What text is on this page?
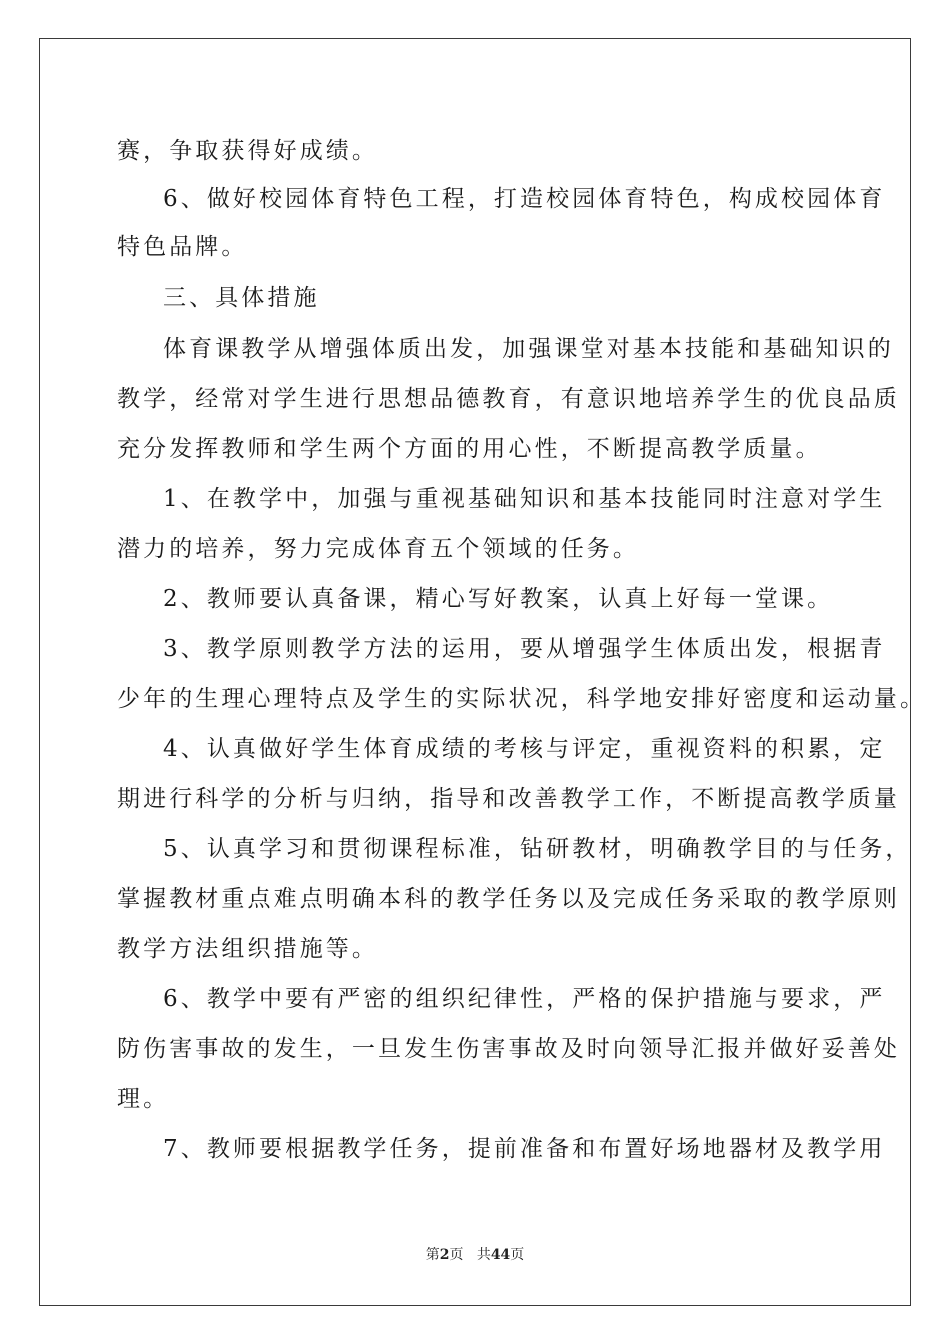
赛，争取获得好成绩。
6、做好校园体育特色工程，打造校园体育特色，构成校园体育
特色品牌。
三、具体措施
体育课教学从增强体质出发，加强课堂对基本技能和基础知识的
教学，经常对学生进行思想品德教育，有意识地培养学生的优良品质
充分发挥教师和学生两个方面的用心性，不断提高教学质量。
1、在教学中，加强与重视基础知识和基本技能同时注意对学生
潜力的培养，努力完成体育五个领域的任务。
2、教师要认真备课，精心写好教案，认真上好每一堂课。
3、教学原则教学方法的运用，要从增强学生体质出发，根据青
少年的生理心理特点及学生的实际状况，科学地安排好密度和运动量。
4、认真做好学生体育成绩的考核与评定，重视资料的积累，定
期进行科学的分析与归纳，指导和改善教学工作，不断提高教学质量
5、认真学习和贯彻课程标准，钻研教材，明确教学目的与任务，
掌握教材重点难点明确本科的教学任务以及完成任务采取的教学原则
教学方法组织措施等。
6、教学中要有严密的组织纪律性，严格的保护措施与要求，严
防伤害事故的发生，一旦发生伤害事故及时向领导汇报并做好妥善处
理。
7、教师要根据教学任务，提前准备和布置好场地器材及教学用
第2页 共44页
